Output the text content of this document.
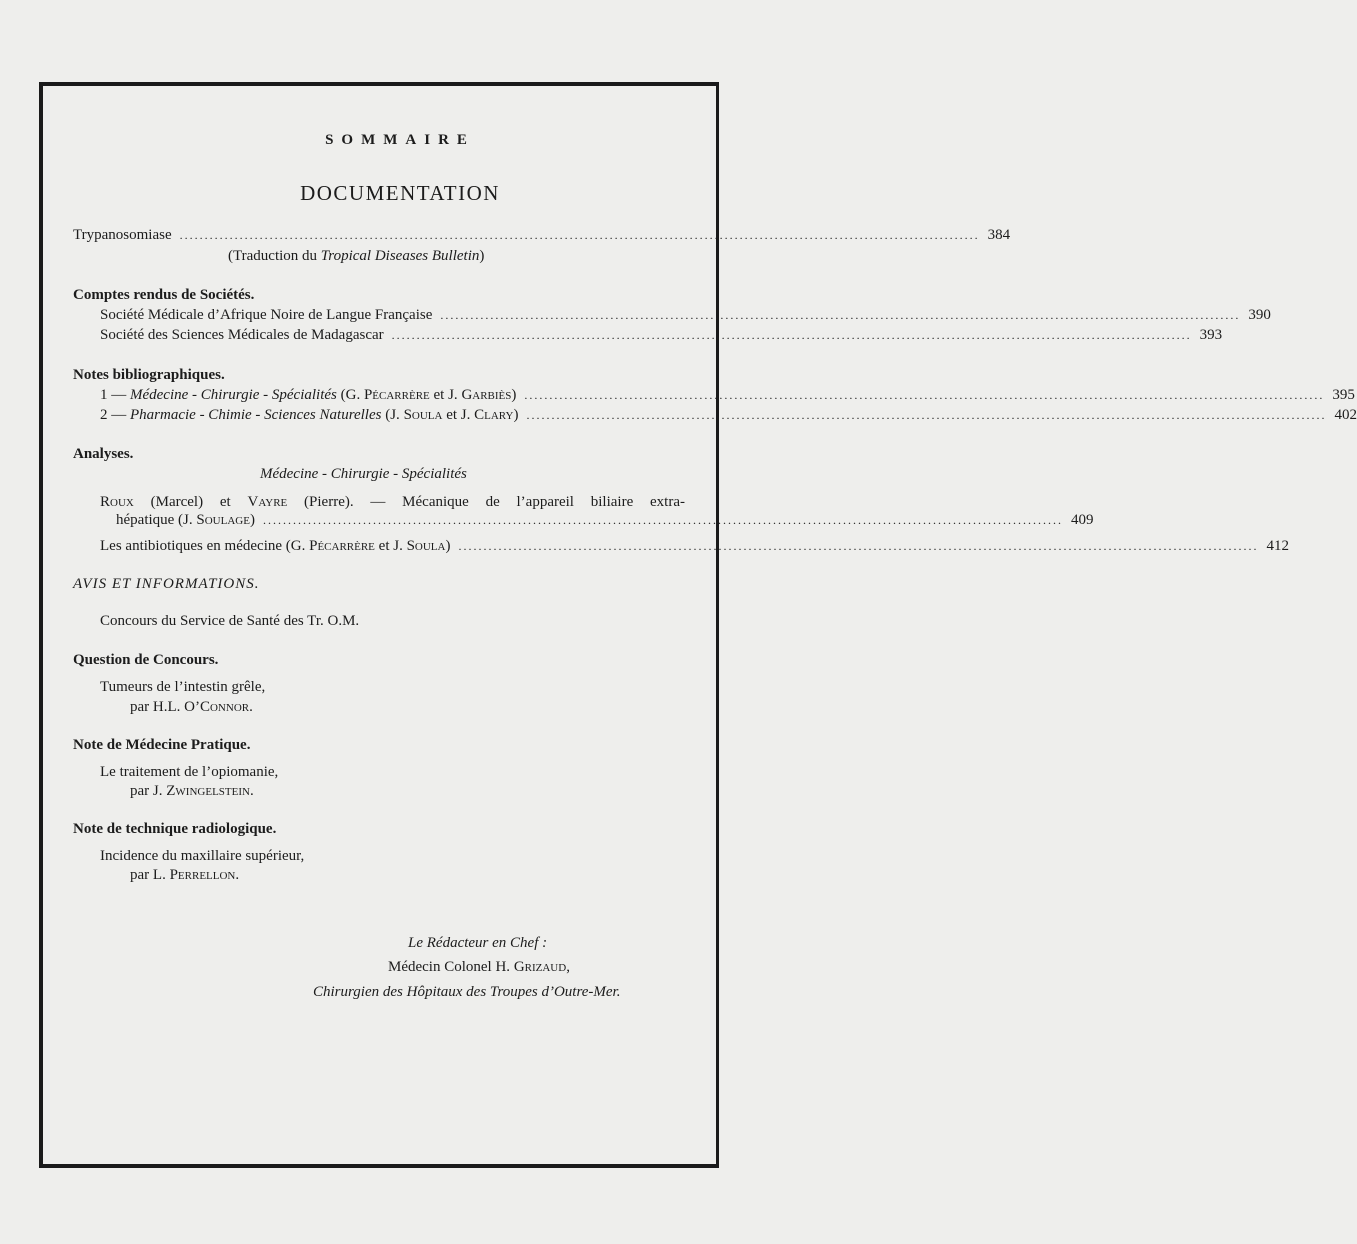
SOMMAIRE
DOCUMENTATION
Trypanosomiase ................................................................................................................................................................ 384
(Traduction du Tropical Diseases Bulletin)
Comptes rendus de Sociétés.
Société Médicale d’Afrique Noire de Langue Française ................................................................................................................................................................ 390
Société des Sciences Médicales de Madagascar ................................................................................................................................................................ 393
Notes bibliographiques.
1 — Médecine - Chirurgie - Spécialités (G. Pécarrère et J. Garbiès) ................................................................................................................................................................ 395
2 — Pharmacie - Chimie - Sciences Naturelles (J. Soula et J. Clary) ................................................................................................................................................................ 402
Analyses.
Médecine - Chirurgie - Spécialités
Roux (Marcel) et Vayre (Pierre). — Mécanique de l’appareil biliaire extra-
hépatique (J. Soulage) ................................................................................................................................................................ 409
Les antibiotiques en médecine (G. Pécarrère et J. Soula) ................................................................................................................................................................ 412
AVIS ET INFORMATIONS.
Concours du Service de Santé des Tr. O.M.
Question de Concours.
Tumeurs de l’intestin grêle,
par H.L. O’Connor.
Note de Médecine Pratique.
Le traitement de l’opiomanie,
par J. Zwingelstein.
Note de technique radiologique.
Incidence du maxillaire supérieur,
par L. Perrellon.
Le Rédacteur en Chef :
Médecin Colonel H. Grizaud,
Chirurgien des Hôpitaux des Troupes d’Outre-Mer.
